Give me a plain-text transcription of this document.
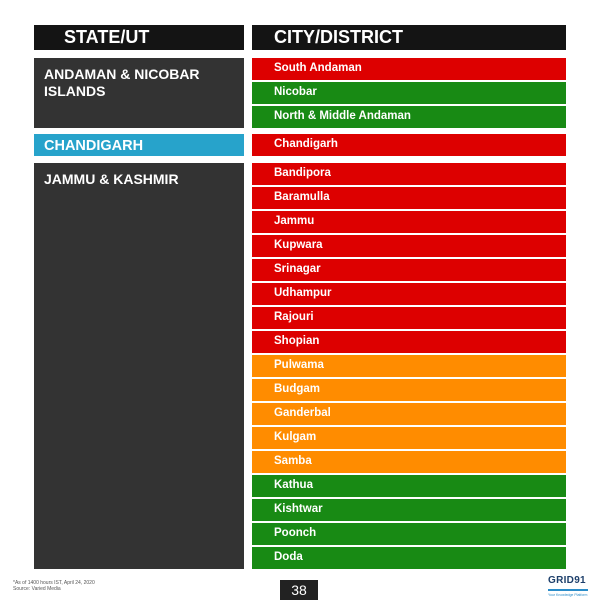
STATE/UT	CITY/DISTRICT
ANDAMAN & NICOBAR ISLANDS
CHANDIGARH
JAMMU & KASHMIR
South Andaman
Nicobar
North & Middle Andaman
Chandigarh
Bandipora
Baramulla
Jammu
Kupwara
Srinagar
Udhampur
Rajouri
Shopian
Pulwama
Budgam
Ganderbal
Kulgam
Samba
Kathua
Kishtwar
Poonch
Doda
*As of 1400 hours IST, April 24, 2020
Source: Varied Media	38
GRID91
Your Knowledge Platform
